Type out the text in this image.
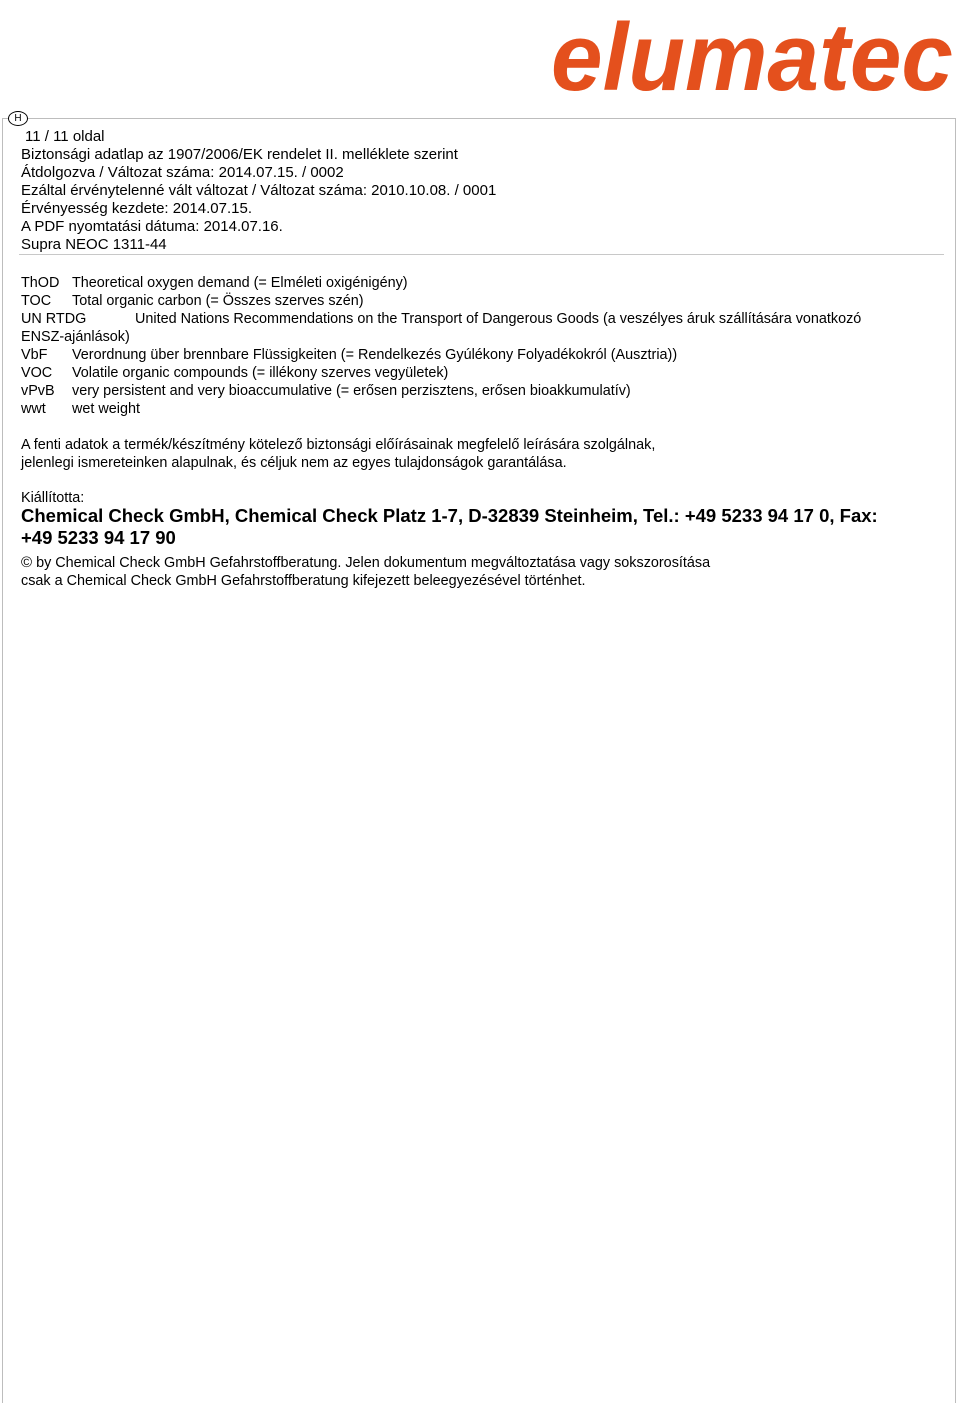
elumatec
H
11 / 11 oldal
Biztonsági adatlap az 1907/2006/EK rendelet II. melléklete szerint
Átdolgozva / Változat száma: 2014.07.15. / 0002
Ezáltal érvénytelenné vált változat / Változat száma: 2010.10.08. / 0001
Érvényesség kezdete: 2014.07.15.
A PDF nyomtatási dátuma: 2014.07.16.
Supra NEOC 1311-44
ThOD Theoretical oxygen demand (= Elméleti oxigénigény)
TOC Total organic carbon (= Összes szerves szén)
UN RTDG	United Nations Recommendations on the Transport of Dangerous Goods (a veszélyes áruk szállítására vonatkozó
ENSZ-ajánlások)
VbF Verordnung über brennbare Flüssigkeiten (= Rendelkezés Gyúlékony Folyadékokról (Ausztria))
VOC Volatile organic compounds (= illékony szerves vegyületek)
vPvB very persistent and very bioaccumulative (= erősen perzisztens, erősen bioakkumulatív)
wwt wet weight
A fenti adatok a termék/készítmény kötelező biztonsági előírásainak megfelelő leírására szolgálnak,
jelenlegi ismereteinken alapulnak, és céljuk nem az egyes tulajdonságok garantálása.
Kiállította:
Chemical Check GmbH, Chemical Check Platz 1-7, D-32839 Steinheim, Tel.: +49 5233 94 17 0, Fax:
+49 5233 94 17 90
© by Chemical Check GmbH Gefahrstoffberatung. Jelen dokumentum megváltoztatása vagy sokszorosítása
csak a Chemical Check GmbH Gefahrstoffberatung kifejezett beleegyezésével történhet.
